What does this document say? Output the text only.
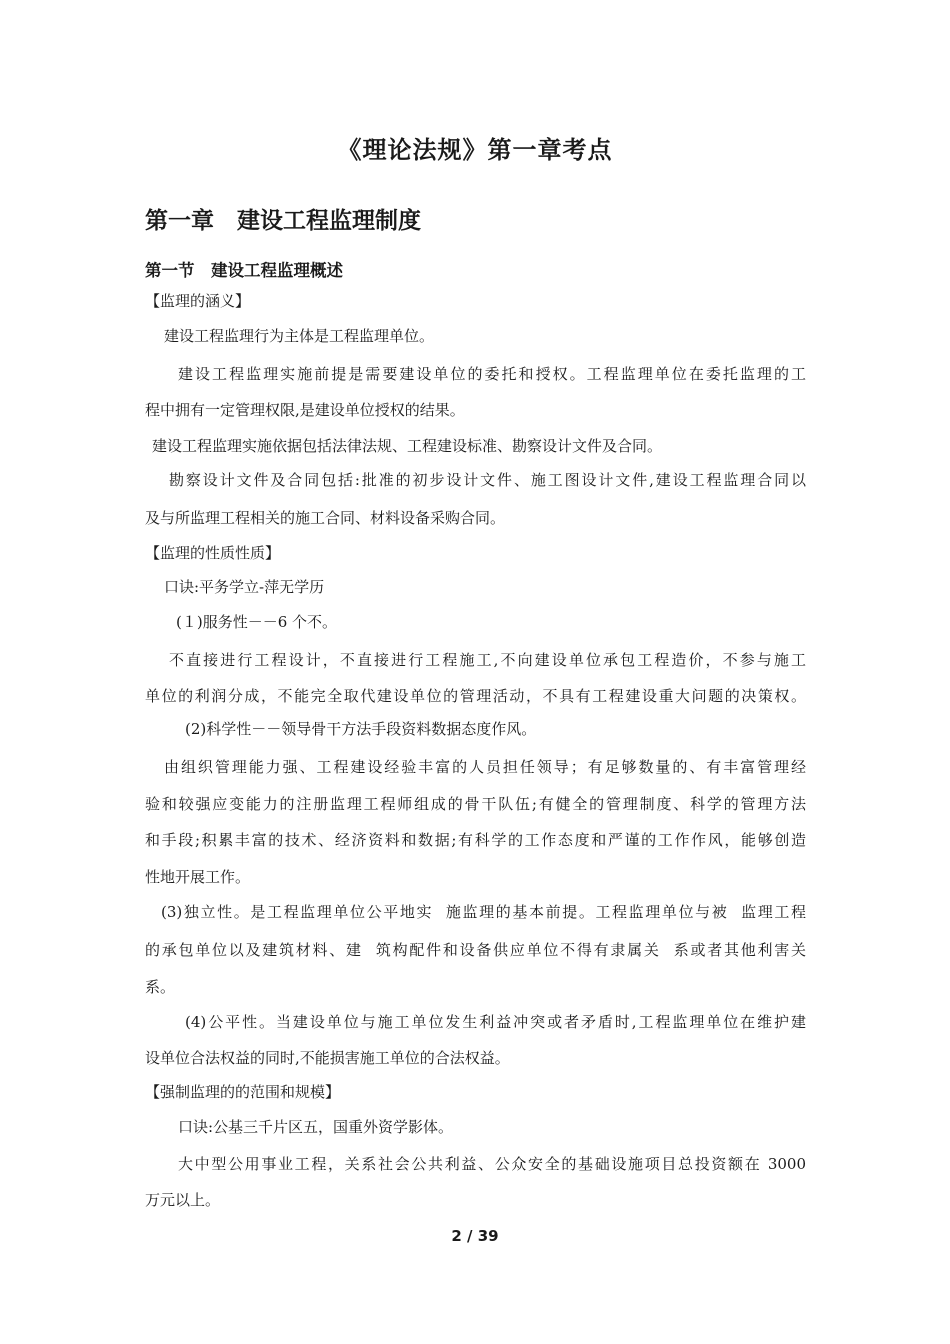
《理论法规》第一章考点
第一章　建设工程监理制度
第一节　建设工程监理概述
【监理的涵义】
建设工程监理行为主体是工程监理单位。
建设工程监理实施前提是需要建设单位的委托和授权。工程监理单位在委托监理的工
程中拥有一定管理权限,是建设单位授权的结果。
建设工程监理实施依据包括法律法规、工程建设标准、勘察设计文件及合同。
勘察设计文件及合同包括:批准的初步设计文件、施工图设计文件,建设工程监理合同以
及与所监理工程相关的施工合同、材料设备采购合同。
【监理的性质性质】
口诀:平务学立-萍无学历
(１)服务性－－6 个不。
不直接进行工程设计，不直接进行工程施工,不向建设单位承包工程造价，不参与施工
单位的利润分成，不能完全取代建设单位的管理活动，不具有工程建设重大问题的决策权。
(2)科学性－－领导骨干方法手段资料数据态度作风。
由组织管理能力强、工程建设经验丰富的人员担任领导；有足够数量的、有丰富管理经
验和较强应变能力的注册监理工程师组成的骨干队伍;有健全的管理制度、科学的管理方法
和手段;积累丰富的技术、经济资料和数据;有科学的工作态度和严谨的工作作风，能够创造
性地开展工作。
(3)独立性。是工程监理单位公平地实  施监理的基本前提。工程监理单位与被  监理工程
的承包单位以及建筑材料、建  筑构配件和设备供应单位不得有隶属关  系或者其他利害关
系。
(4)公平性。当建设单位与施工单位发生利益冲突或者矛盾时,工程监理单位在维护建
设单位合法权益的同时,不能损害施工单位的合法权益。
【强制监理的的范围和规模】
口诀:公基三千片区五，国重外资学影体。
大中型公用事业工程，关系社会公共利益、公众安全的基础设施项目总投资额在 3000
万元以上。
2 / 39
